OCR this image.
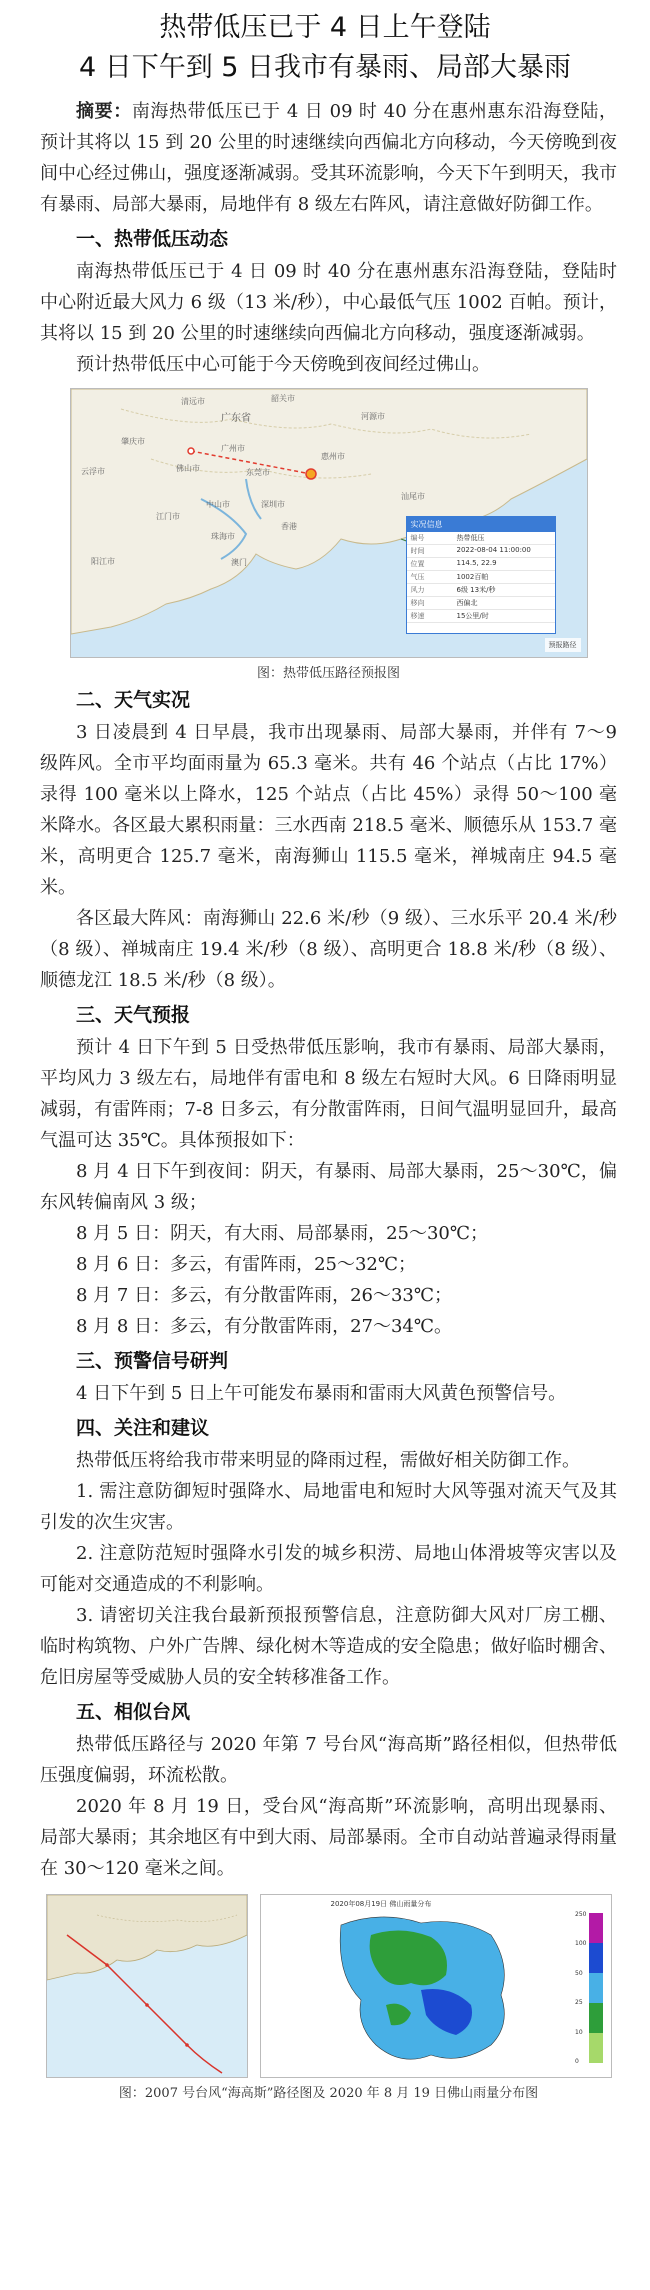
热带低压已于 4 日上午登陆
4 日下午到 5 日我市有暴雨、局部大暴雨

摘要：南海热带低压已于 4 日 09 时 40 分在惠州惠东沿海登陆，预计其将以 15 到 20 公里的时速继续向西偏北方向移动，今天傍晚到夜间中心经过佛山，强度逐渐减弱。受其环流影响，今天下午到明天，我市有暴雨、局部大暴雨，局地伴有 8 级左右阵风，请注意做好防御工作。

一、热带低压动态

南海热带低压已于 4 日 09 时 40 分在惠州惠东沿海登陆，登陆时中心附近最大风力 6 级（13 米/秒），中心最低气压 1002 百帕。预计，其将以 15 到 20 公里的时速继续向西偏北方向移动，强度逐渐减弱。

预计热带低压中心可能于今天傍晚到夜间经过佛山。

广东省
清远市
佛山市
广州市
东莞市
深圳市
江门市
中山市
珠海市
肇庆市
云浮市
阳江市
惠州市
汕尾市
河源市
韶关市
香港
澳门
实况信息
编号	热带低压
时间	2022-08-04 11:00:00
位置	114.5, 22.9
气压	1002百帕
风力	6级 13米/秒
移向	西偏北
移速	15公里/时
预报路径
图：热带低压路径预报图
二、天气实况

3 日凌晨到 4 日早晨，我市出现暴雨、局部大暴雨，并伴有 7～9 级阵风。全市平均面雨量为 65.3 毫米。共有 46 个站点（占比 17%）录得 100 毫米以上降水，125 个站点（占比 45%）录得 50～100 毫米降水。各区最大累积雨量：三水西南 218.5 毫米、顺德乐从 153.7 毫米，高明更合 125.7 毫米，南海狮山 115.5 毫米，禅城南庄 94.5 毫米。

各区最大阵风：南海狮山 22.6 米/秒（9 级）、三水乐平 20.4 米/秒（8 级）、禅城南庄 19.4 米/秒（8 级）、高明更合 18.8 米/秒（8 级）、顺德龙江 18.5 米/秒（8 级）。

三、天气预报

预计 4 日下午到 5 日受热带低压影响，我市有暴雨、局部大暴雨，平均风力 3 级左右，局地伴有雷电和 8 级左右短时大风。6 日降雨明显减弱，有雷阵雨；7-8 日多云，有分散雷阵雨，日间气温明显回升，最高气温可达 35℃。具体预报如下：

8 月 4 日下午到夜间：阴天，有暴雨、局部大暴雨，25～30℃，偏东风转偏南风 3 级；

8 月 5 日：阴天，有大雨、局部暴雨，25～30℃；

8 月 6 日：多云，有雷阵雨，25～32℃；

8 月 7 日：多云，有分散雷阵雨，26～33℃；

8 月 8 日：多云，有分散雷阵雨，27～34℃。

三、预警信号研判

4 日下午到 5 日上午可能发布暴雨和雷雨大风黄色预警信号。

四、关注和建议

热带低压将给我市带来明显的降雨过程，需做好相关防御工作。

1. 需注意防御短时强降水、局地雷电和短时大风等强对流天气及其引发的次生灾害。

2. 注意防范短时强降水引发的城乡积涝、局地山体滑坡等灾害以及可能对交通造成的不利影响。

3. 请密切关注我台最新预报预警信息，注意防御大风对厂房工棚、临时构筑物、户外广告牌、绿化树木等造成的安全隐患；做好临时棚舍、危旧房屋等受威胁人员的安全转移准备工作。

五、相似台风

热带低压路径与 2020 年第 7 号台风“海高斯”路径相似，但热带低压强度偏弱，环流松散。

2020 年 8 月 19 日，受台风“海高斯”环流影响，高明出现暴雨、局部大暴雨；其余地区有中到大雨、局部暴雨。全市自动站普遍录得雨量在 30～120 毫米之间。

2020年08月19日 佛山雨量分布
250
100
50
25
10
0
图：2007 号台风“海高斯”路径图及 2020 年 8 月 19 日佛山雨量分布图
